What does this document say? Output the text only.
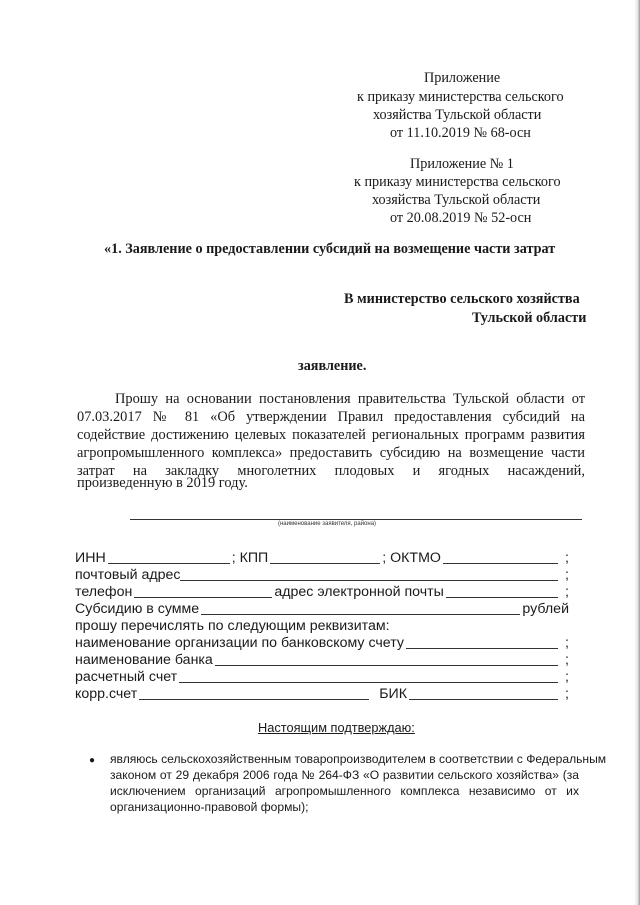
Приложение
к приказу министерства сельского
хозяйства Тульской области
от 11.10.2019 № 68-осн
Приложение № 1
к приказу министерства сельского
хозяйства Тульской области
от 20.08.2019 № 52-осн
«1. Заявление о предоставлении субсидий на возмещение части затрат
В министерство сельского хозяйства
Тульской области
заявление.
Прошу на основании постановления правительства Тульской области от
07.03.2017 № 81 «Об утверждении Правил предоставления субсидий на
содействие достижению целевых показателей региональных программ развития
агропромышленного комплекса» предоставить субсидию на возмещение части
затрат на закладку многолетних плодовых и ягодных насаждений,
произведенную в 2019 году.
(наименование заявителя, района)
ИНН	; КПП	; ОКТМО	;
почтовый адрес	;
телефон	адрес электронной почты	;
Субсидию в сумме	рублей
прошу перечислять по следующим реквизитам:
наименование организации по банковскому счету	;
наименование банка	;
расчетный счет	;
корр.счет	БИК	;
Настоящим подтверждаю:
● являюсь сельскохозяйственным товаропроизводителем в соответствии с Федеральным
законом от 29 декабря 2006 года № 264-ФЗ «О развитии сельского хозяйства» (за
исключением организаций агропромышленного комплекса независимо от их
организационно-правовой формы);
